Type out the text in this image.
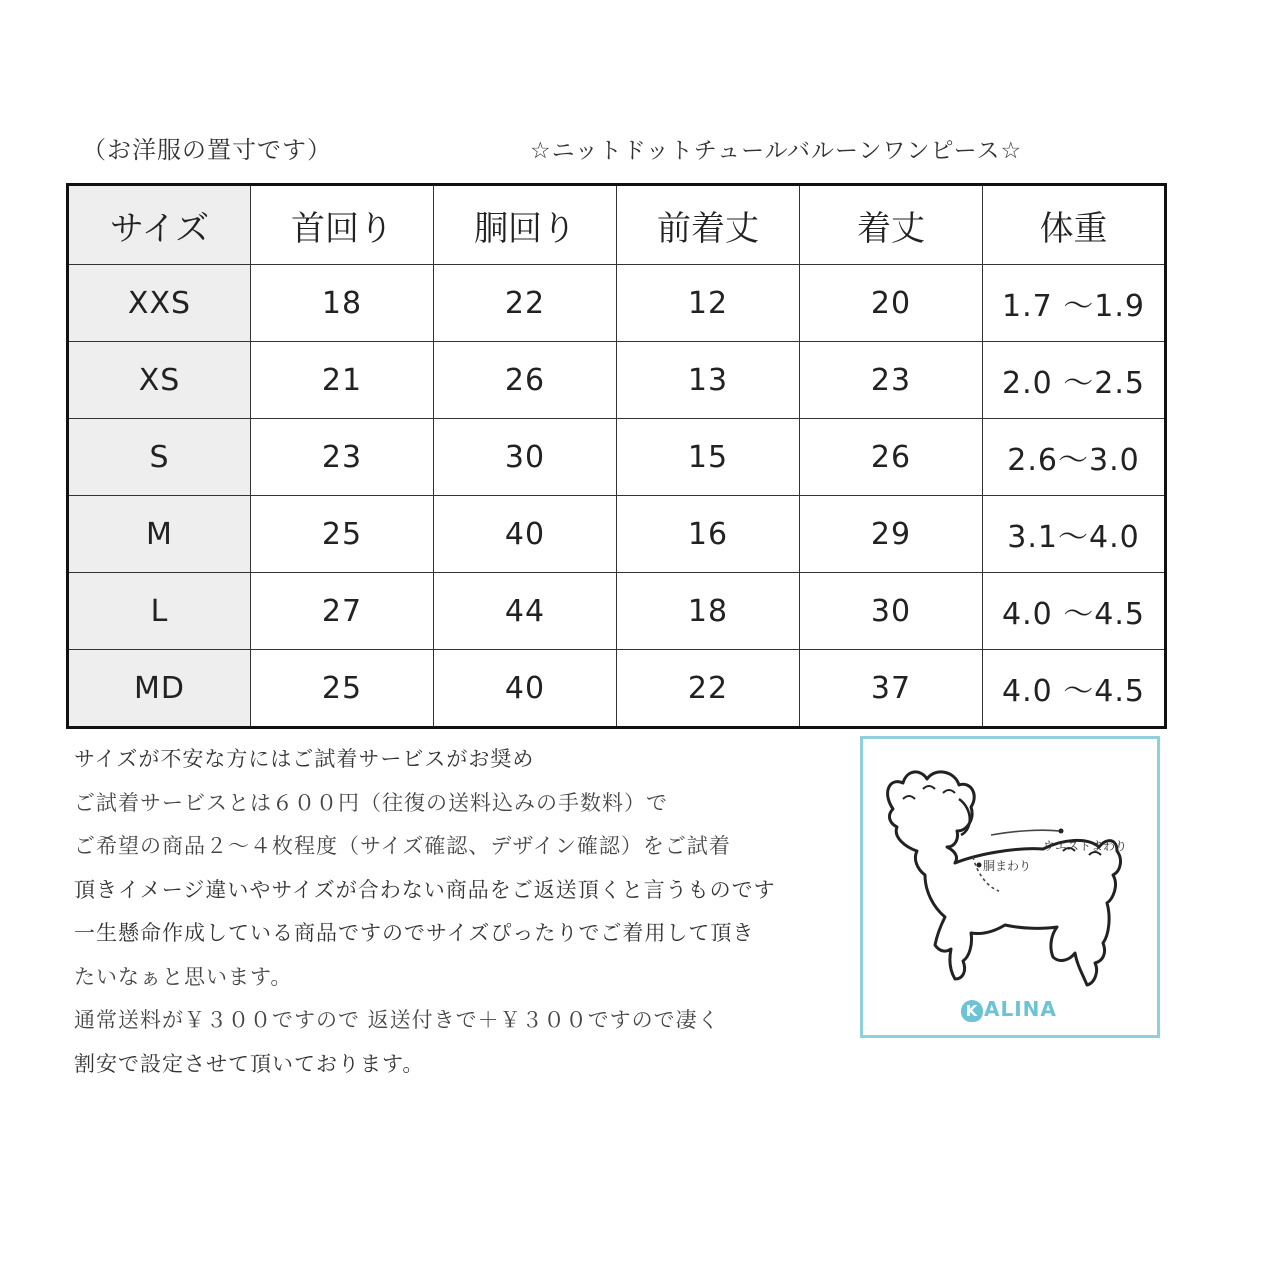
（お洋服の置寸です）	☆ニットドットチュールバルーンワンピース☆
サイズ	首回り	胴回り	前着丈	着丈	体重
XXS	18	22	12	20	1.7 ～1.9
XS	21	26	13	23	2.0 ～2.5
S	23	30	15	26	2.6～3.0
M	25	40	16	29	3.1～4.0
L	27	44	18	30	4.0 ～4.5
MD	25	40	22	37	4.0 ～4.5

サイズが不安な方にはご試着サービスがお奨め

ご試着サービスとは６００円（往復の送料込みの手数料）で

ご希望の商品２～４枚程度（サイズ確認、デザイン確認）をご試着

頂きイメージ違いやサイズが合わない商品をご返送頂くと言うものです

一生懸命作成している商品ですのでサイズぴったりでご着用して頂き

たいなぁと思います。

通常送料が￥３００ですので 返送付きで＋￥３００ですので凄く

割安で設定させて頂いております。

ウエストまわり
胴まわり
K ALINA
